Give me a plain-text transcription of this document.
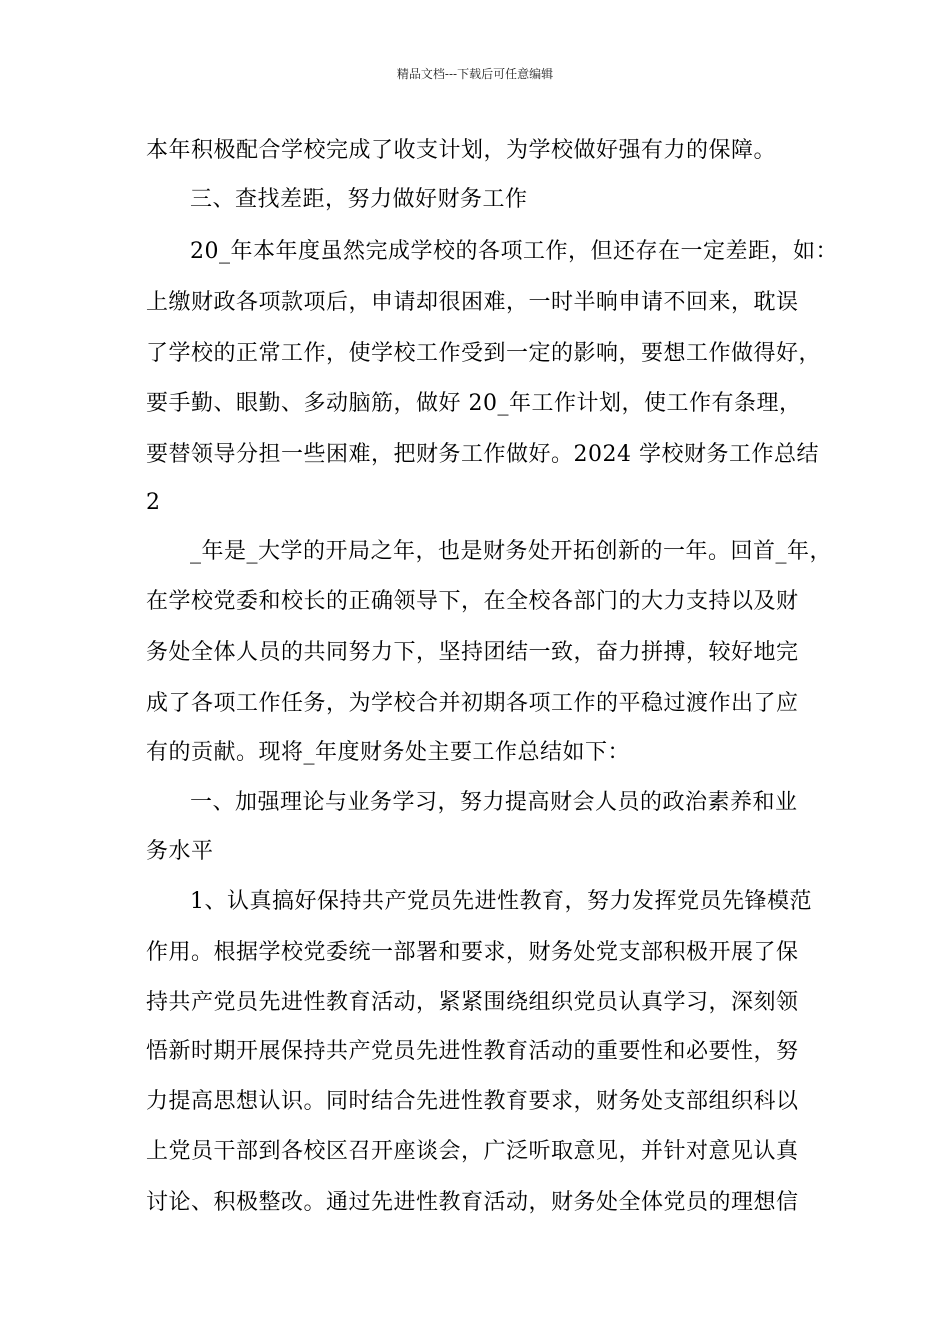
精品文档---下载后可任意编辑
本年积极配合学校完成了收支计划，为学校做好强有力的保障。
三、查找差距，努力做好财务工作
20_年本年度虽然完成学校的各项工作，但还存在一定差距，如：
上缴财政各项款项后，申请却很困难，一时半晌申请不回来，耽误
了学校的正常工作，使学校工作受到一定的影响，要想工作做得好，
要手勤、眼勤、多动脑筋，做好 20_年工作计划，使工作有条理，
要替领导分担一些困难，把财务工作做好。2024 学校财务工作总结
2
_年是_大学的开局之年，也是财务处开拓创新的一年。回首_年，
在学校党委和校长的正确领导下，在全校各部门的大力支持以及财
务处全体人员的共同努力下，坚持团结一致，奋力拼搏，较好地完
成了各项工作任务，为学校合并初期各项工作的平稳过渡作出了应
有的贡献。现将_年度财务处主要工作总结如下：
一、加强理论与业务学习，努力提高财会人员的政治素养和业
务水平
1、认真搞好保持共产党员先进性教育，努力发挥党员先锋模范
作用。根据学校党委统一部署和要求，财务处党支部积极开展了保
持共产党员先进性教育活动，紧紧围绕组织党员认真学习，深刻领
悟新时期开展保持共产党员先进性教育活动的重要性和必要性，努
力提高思想认识。同时结合先进性教育要求，财务处支部组织科以
上党员干部到各校区召开座谈会，广泛听取意见，并针对意见认真
讨论、积极整改。通过先进性教育活动，财务处全体党员的理想信
